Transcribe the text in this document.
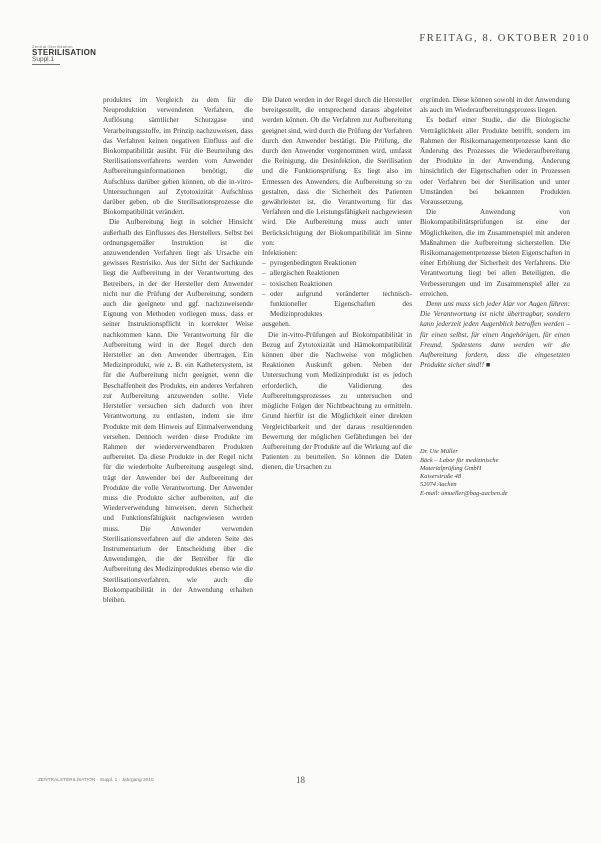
FREITAG, 8. OKTOBER 2010
Zentral·Sterilisation
STERILISATION
Suppl.1

produktes im Vergleich zu dem für die Neuproduktion verwendeten Verfahren, die Auflösung sämtlicher Schutzgase und Verarbeitungsstoffe, im Prinzip nachzuweisen, dass das Verfahren keinen negativen Einfluss auf die Biokompatibilität ausübt. Für die Beurteilung des Sterilisationsverfahrens werden vom Anwender Aufbereitungsinformationen benötigt, die Aufschluss darüber geben können, ob die in-vitro-Untersuchungen auf Zytotoxizität Aufschluss darüber geben, ob die Sterilisationsprozesse die Biokompatibilität verändert.

Die Aufbereitung liegt in solcher Hinsicht außerhalb des Einflusses des Herstellers. Selbst bei ordnungsgemäßer Instruktion ist die anzuwendenden Verfahren liegt als Ursache ein gewisses Restrisiko. Aus der Sicht der Sachkunde liegt die Aufbereitung in der Verantwortung des Betreibers, in der der Hersteller dem Anwender nicht nur die Prüfung der Aufbereitung, sondern auch die geeignete und ggf. nachzuweisende Eignung von Methoden vorliegen muss, dass er seiner Instruktionspflicht in korrekter Weise nachkommen kann. Die Verantwortung für die Aufbereitung wird in der Regel durch den Hersteller an den Anwender übertragen. Ein Medizinprodukt, wie z. B. ein Kathetersystem, ist für die Aufbereitung nicht geeignet, wenn die Beschaffenheit des Produkts, ein anderes Verfahren zur Aufbereitung anzuwenden sollte. Viele Hersteller versuchen sich dadurch von ihrer Verantwortung zu entlasten, indem sie ihre Produkte mit dem Hinweis auf Einmalverwendung versehen. Dennoch werden diese Produkte im Rahmen der wiederverwendbaren Produkten aufbereitet. Da diese Produkte in der Regel nicht für die wiederholte Aufbereitung ausgelegt sind, trägt der Anwender bei der Aufbereitung der Produkte die volle Verantwortung. Der Anwender muss die Produkte sicher aufbereiten, auf die Wiederverwendung hinweisen, deren Sicherheit und Funktionsfähigkeit nachgewiesen werden muss. Die Anwender verwenden Sterilisationsverfahren auf die anderen Seite des Instrumentarium der Entscheidung über die Anwendungen, die der Betreiber für die Aufbereitung des Medizinproduktes ebenso wie die Sterilisationsverfahren, wie auch die Biokompatibilität in der Anwendung erhalten bleiben.

Die Daten werden in der Regel durch die Hersteller bereitgestellt, die entsprechend daraus abgeleitet werden können. Ob die Verfahren zur Aufbereitung geeignet sind, wird durch die Prüfung der Verfahren durch den Anwender bestätigt. Die Prüfung, die durch den Anwender vorgenommen wird, umfasst die Reinigung, die Desinfektion, die Sterilisation und die Funktionsprüfung. Es liegt also im Ermessen des Anwenders, die Aufbereitung so zu gestalten, dass die Sicherheit des Patienten gewährleistet ist, die Verantwortung für das Verfahren und die Leistungsfähigkeit nachgewiesen wird. Die Aufbereitung muss auch unter Berücksichtigung der Biokompatibilität im Sinne von:

Infektionen:

– pyrogenbedingten Reaktionen
– allergischen Reaktionen
– toxischen Reaktionen
– oder aufgrund veränderter technisch-funktioneller Eigenschaften des Medizinproduktes

ausgehen.

Die in-vitro-Prüfungen auf Biokompatibilität in Bezug auf Zytotoxizität und Hämokompatibilität können über die Nachweise von möglichen Reaktionen Auskunft geben. Neben der Untersuchung vom Medizinprodukt ist es jedoch erforderlich, die Validierung des Aufbereitungsprozesses zu untersuchen und mögliche Folgen der Nichtbeachtung zu ermitteln. Grund hierfür ist die Möglichkeit einer direkten Vergleichbarkeit und der daraus resultierenden Bewertung der möglichen Gefährdungen bei der Aufbereitung der Produkte auf die Wirkung auf die Patienten zu beurteilen. So können die Daten dienen, die Ursachen zu

ergründen. Diese können sowohl in der Anwendung als auch im Wiederaufbereitungsprozess liegen.

Es bedarf einer Studie, die die Biologische Verträglichkeit aller Produkte betrifft, sondern im Rahmen der Risikomanagementprozesse kann die Änderung des Prozesses die Wiederaufbereitung der Produkte in der Anwendung. Änderung hinsichtlich der Eigenschaften oder in Prozessen oder Verfahren bei der Sterilisation und unter Umständen bei bekannten Produkten Voraussetzung.

Die Anwendung von Biokompatibilitätsprüfungen ist eine der Möglichkeiten, die im Zusammenspiel mit anderen Maßnahmen die Aufbereitung sicherstellen. Die Risikomanagementprozesse bieten Eigenschaften in einer Erhöhung der Sicherheit des Verfahrens. Die Verantwortung liegt bei allen Beteiligten, die Verbesserungen und im Zusammenspiel aller zu erreichen.

Denn uns muss sich jeder klar vor Augen führen: Die Verantwortung ist nicht übertragbar, sondern kann jederzeit jeden Augenblick betroffen werden – für einen selbst, für einen Angehörigen, für einen Freund. Spätestens dann werden wir die Aufbereitung fordern, dass die eingesetzten Produkte sicher sind!! ■

Dr. Ute Müller
Bäck – Labor für medizinische
Materialprüfung GmbH
Kaiserstraße 48
52074 Aachen
E-mail: umueller@bag-aachen.de
ZENTRALSTERILISATION · Suppl. 1 · Jahrgang 2010	18
